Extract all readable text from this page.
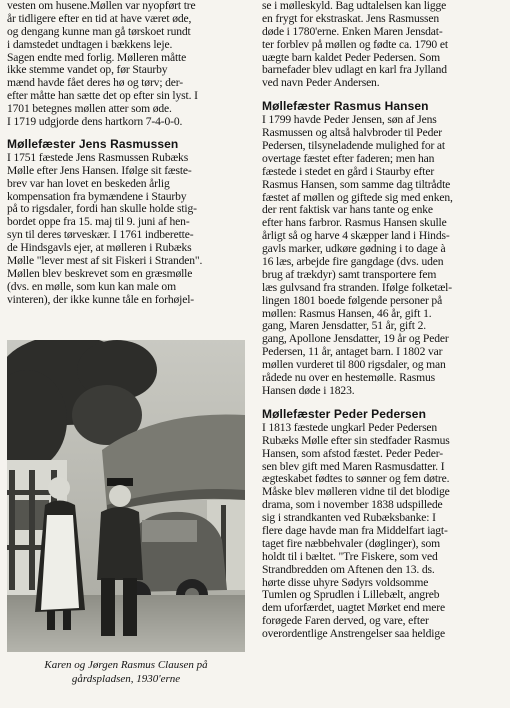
vesten om husene.Møllen var nyopført tre
år tidligere efter en tid at have været øde,
og dengang kunne man gå tørskoet rundt
i damstedet undtagen i bækkens leje.
Sagen endte med forlig. Mølleren måtte
ikke stemme vandet op, før Staurby
mænd havde fået deres hø og tørv; der-
efter måtte han sætte det op efter sin lyst. I
1701 betegnes møllen atter som øde.
I 1719 udgjorde dens hartkorn 7-4-0-0.
Møllefæster Jens Rasmussen
I 1751 fæstede Jens Rasmussen Rubæks
Mølle efter Jens Hansen. Ifølge sit fæste-
brev var han lovet en beskeden årlig
kompensation fra bymændene i Staurby
på to rigsdaler, fordi han skulle holde stig-
bordet oppe fra 15. maj til 9. juni af hen-
syn til deres tørveskær. I 1761 indberette-
de Hindsgavls ejer, at mølleren i Rubæks
Mølle "lever mest af sit Fiskeri i Stranden".
Møllen blev beskrevet som en græsmølle
(dvs. en mølle, som kun kan male om
vinteren), der ikke kunne tåle en forhøjel-
Karen og Jørgen Rasmus Clausen på
gårdspladsen, 1930'erne
se i mølleskyld. Bag udtalelsen kan ligge
en frygt for ekstraskat. Jens Rasmussen
døde i 1780'erne. Enken Maren Jensdat-
ter forblev på møllen og fødte ca. 1790 et
uægte barn kaldet Peder Pedersen. Som
barnefader blev udlagt en karl fra Jylland
ved navn Peder Andersen.
Møllefæster Rasmus Hansen
I 1799 havde Peder Jensen, søn af Jens
Rasmussen og altså halvbroder til Peder
Pedersen, tilsyneladende mulighed for at
overtage fæstet efter faderen; men han
fæstede i stedet en gård i Staurby efter
Rasmus Hansen, som samme dag tiltrådte
fæstet af møllen og giftede sig med enken,
der rent faktisk var hans tante og enke
efter hans farbror. Rasmus Hansen skulle
årligt så og harve 4 skæpper land i Hinds-
gavls marker, udkøre gødning i to dage à
16 læs, arbejde fire gangdage (dvs. uden
brug af trækdyr) samt transportere fem
læs gulvsand fra stranden. Ifølge folketæl-
lingen 1801 boede følgende personer på
møllen: Rasmus Hansen, 46 år, gift 1.
gang, Maren Jensdatter, 51 år, gift 2.
gang, Apollone Jensdatter, 19 år og Peder
Pedersen, 11 år, antaget barn. I 1802 var
møllen vurderet til 800 rigsdaler, og man
rådede nu over en hestemølle. Rasmus
Hansen døde i 1823.
Møllefæster Peder Pedersen
I 1813 fæstede ungkarl Peder Pedersen
Rubæks Mølle efter sin stedfader Rasmus
Hansen, som afstod fæstet. Peder Peder-
sen blev gift med Maren Rasmusdatter. I
ægteskabet fødtes to sønner og fem døtre.
Måske blev mølleren vidne til det blodige
drama, som i november 1838 udspillede
sig i strandkanten ved Rubæksbanke: I
flere dage havde man fra Middelfart iagt-
taget fire næbbehvaler (døglinger), som
holdt til i bæltet. "Tre Fiskere, som ved
Strandbredden om Aftenen den 13. ds.
hørte disse uhyre Sødyrs voldsomme
Tumlen og Sprudlen i Lillebælt, angreb
dem uforfærdet, uagtet Mørket end mere
forøgede Faren derved, og vare, efter
overordentlige Anstrengelser saa heldige
